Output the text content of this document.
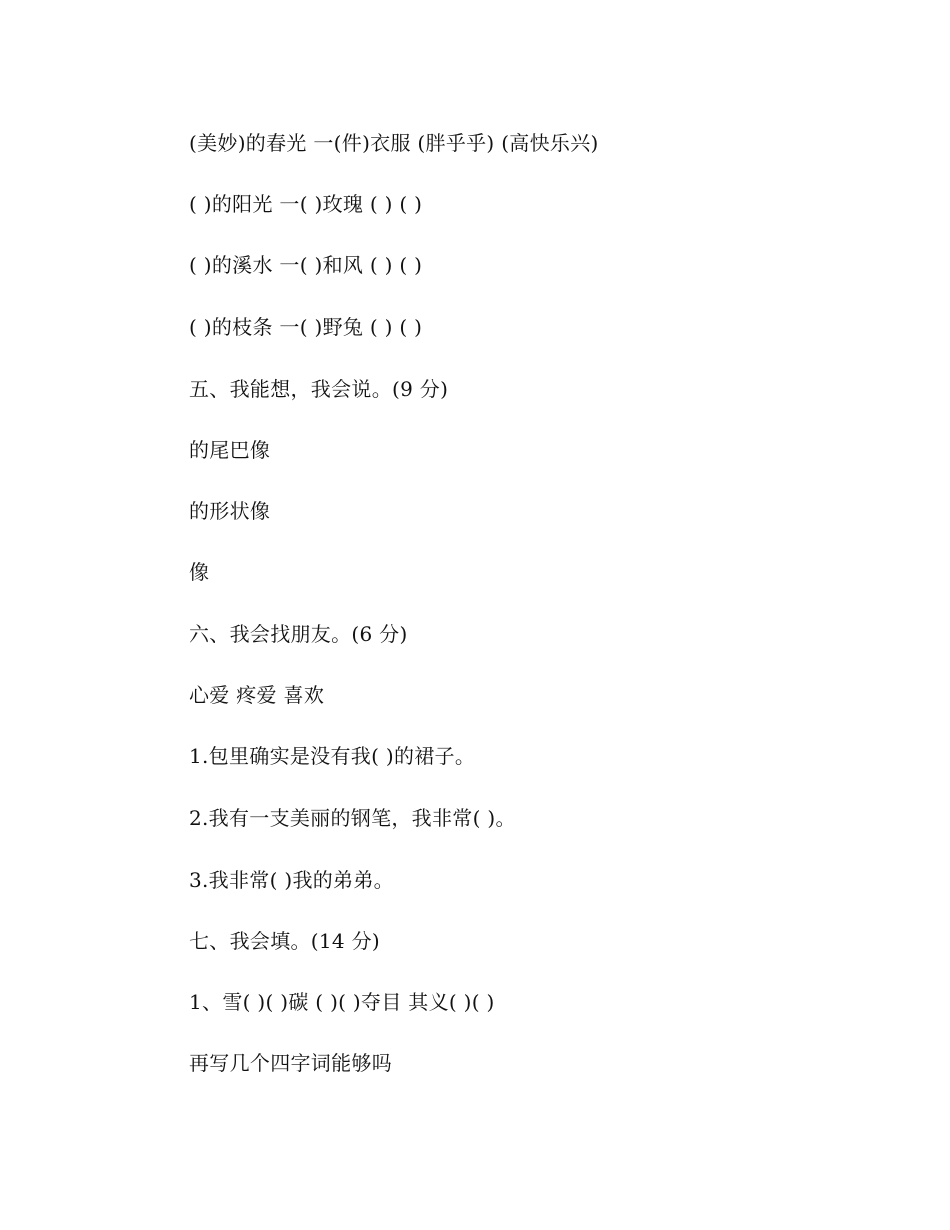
(美妙)的春光 一(件)衣服 (胖乎乎) (高快乐兴)
( )的阳光 一( )玫瑰 ( ) ( )
( )的溪水 一( )和风 ( ) ( )
( )的枝条 一( )野兔 ( ) ( )
五、我能想，我会说。(9 分)
的尾巴像
的形状像
像
六、我会找朋友。(6 分)
心爱 疼爱 喜欢
1.包里确实是没有我( )的裙子。
2.我有一支美丽的钢笔，我非常( )。
3.我非常( )我的弟弟。
七、我会填。(14 分)
1、雪( )( )碳 ( )( )夺目 其义( )( )
再写几个四字词能够吗
